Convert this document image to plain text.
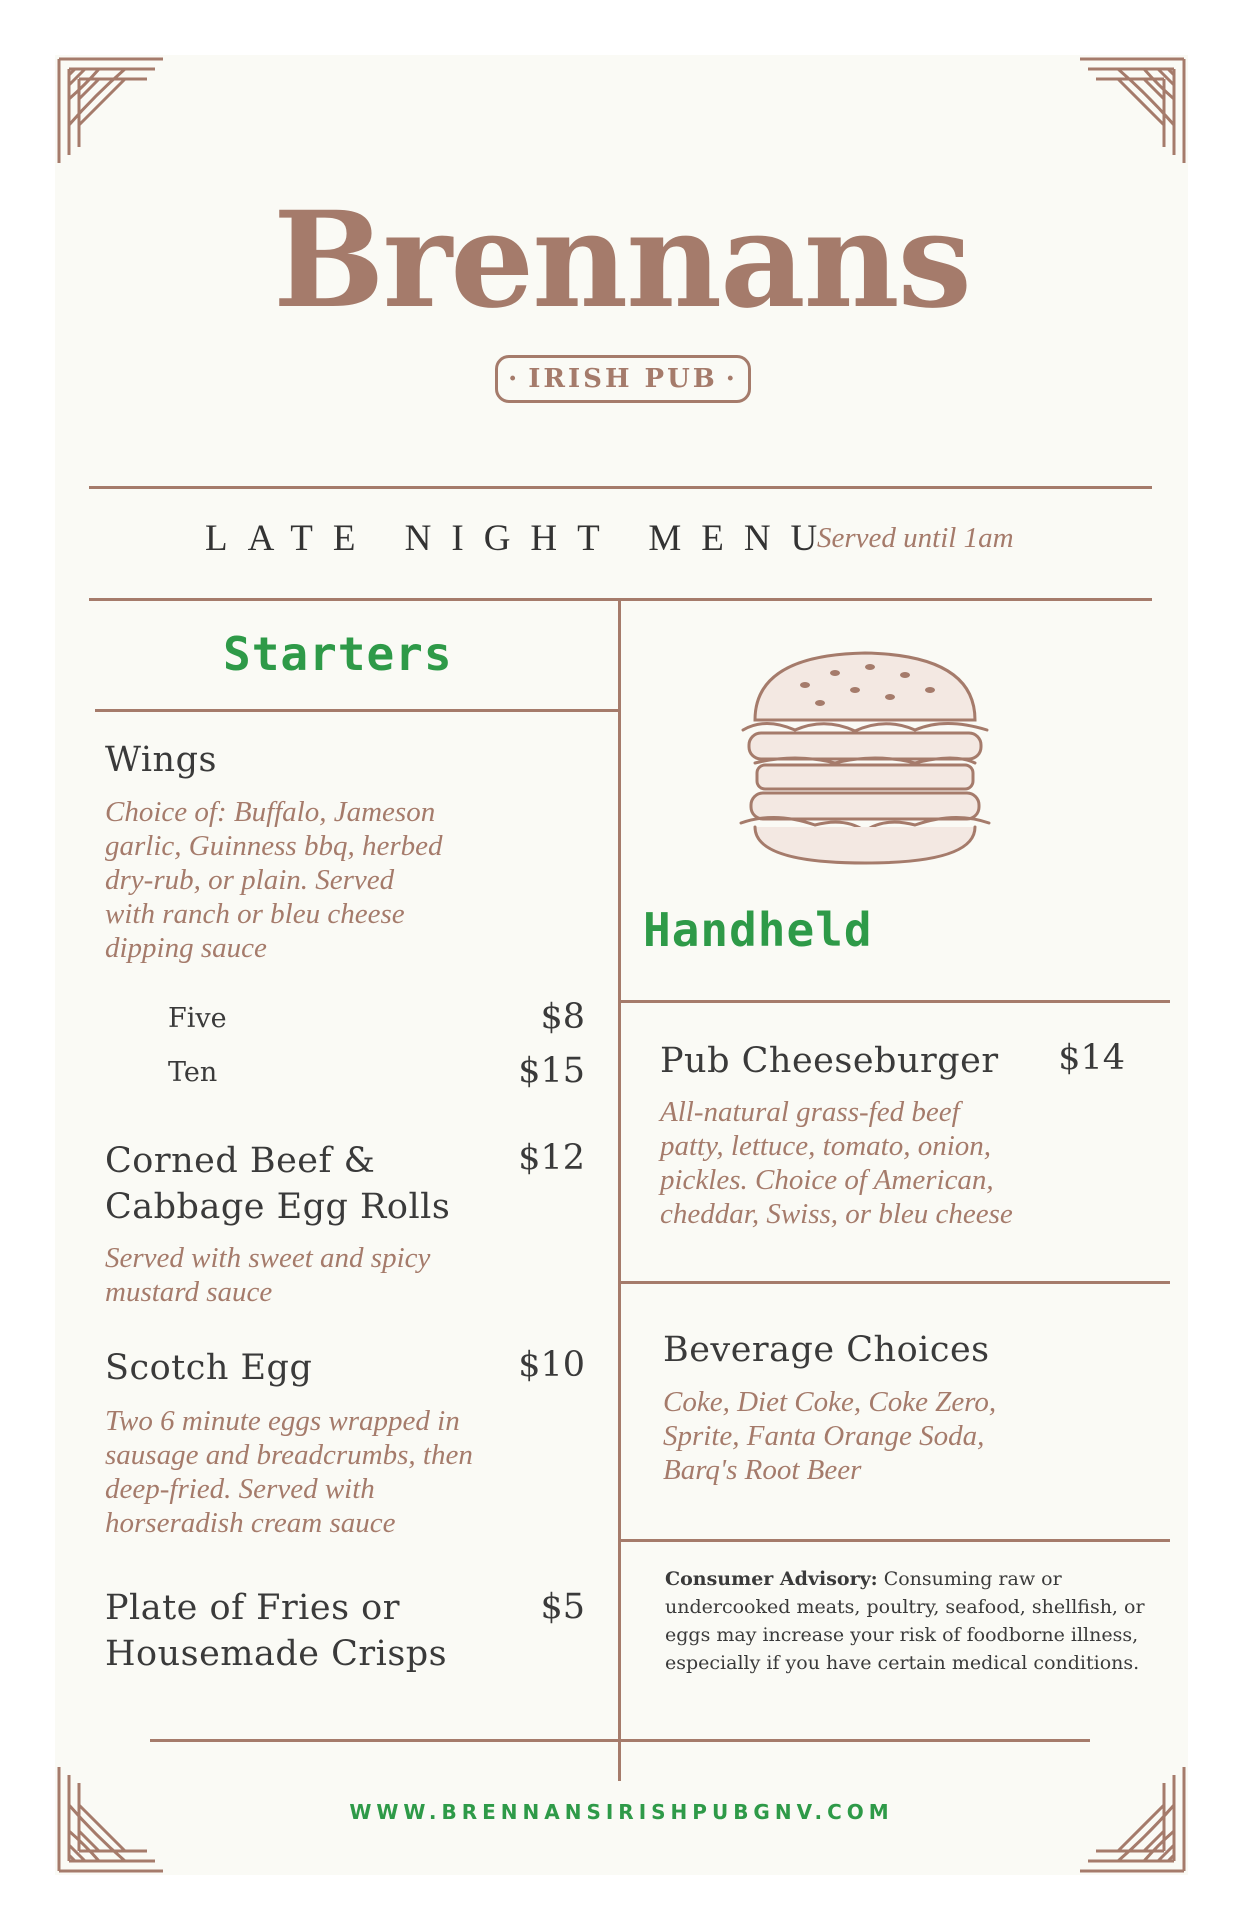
Brennans
· IRISH PUB ·
LATE NIGHT MENU
Served until 1am
Starters
Wings
Choice of: Buffalo, Jameson
garlic, Guinness bbq, herbed
dry-rub, or plain. Served
with ranch or bleu cheese
dipping sauce
Five	$8
Ten	$15
Corned Beef &
Cabbage Egg Rolls
$12
Served with sweet and spicy
mustard sauce
Scotch Egg	$10
Two 6 minute eggs wrapped in
sausage and breadcrumbs, then
deep-fried. Served with
horseradish cream sauce
Plate of Fries or
Housemade Crisps
$5
Handheld
Pub Cheeseburger	$14
All-natural grass-fed beef
patty, lettuce, tomato, onion,
pickles. Choice of American,
cheddar, Swiss, or bleu cheese
Beverage Choices
Coke, Diet Coke, Coke Zero,
Sprite, Fanta Orange Soda,
Barq's Root Beer
Consumer Advisory: Consuming raw or undercooked meats, poultry, seafood, shellfish, or eggs may increase your risk of foodborne illness, especially if you have certain medical conditions.
WWW.BRENNANSIRISHPUBGNV.COM
